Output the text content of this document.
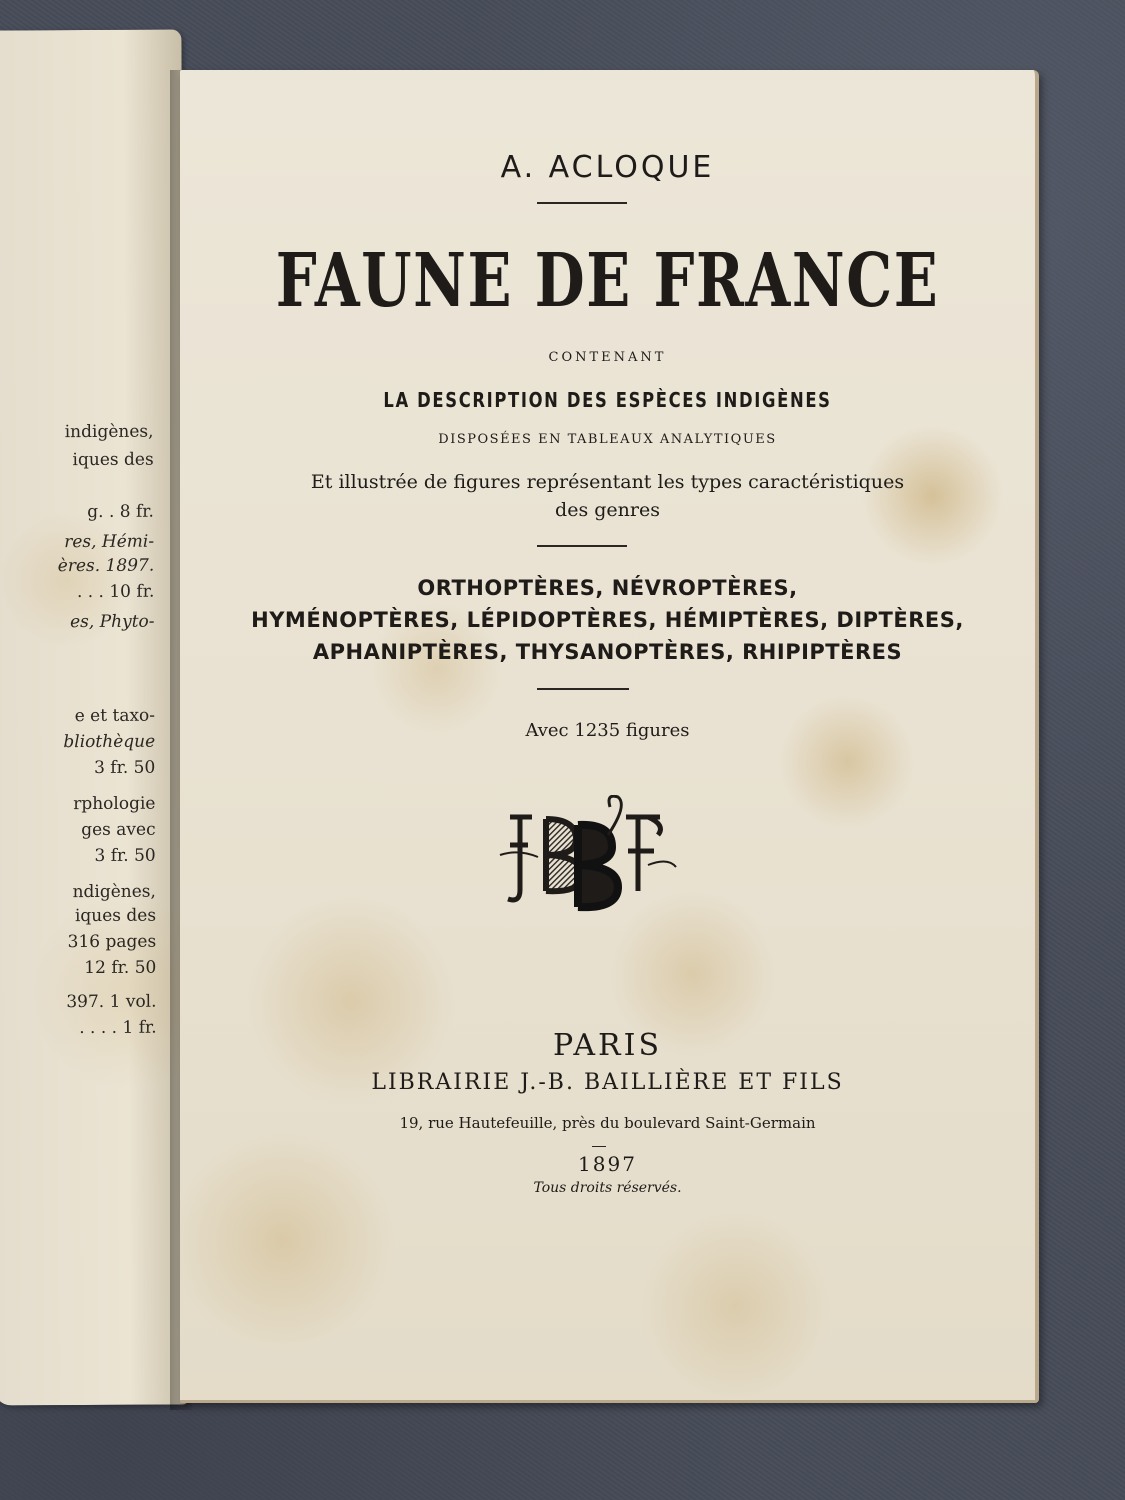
indigènes,
iques des
g. . 8 fr.
res, Hémi-
ères. 1897.
. . . 10 fr.
es, Phyto-
e et taxo-
bliothèque
3 fr. 50
rphologie
ges avec
3 fr. 50
ndigènes,
iques des
316 pages
12 fr. 50
397. 1 vol.
. . . . 1 fr.
A. ACLOQUE
FAUNE DE FRANCE
CONTENANT
LA DESCRIPTION DES ESPÈCES INDIGÈNES
DISPOSÉES EN TABLEAUX ANALYTIQUES
Et illustrée de figures représentant les types caractéristiques
des genres
ORTHOPTÈRES, NÉVROPTÈRES,
HYMÉNOPTÈRES, LÉPIDOPTÈRES, HÉMIPTÈRES, DIPTÈRES,
APHANIPTÈRES, THYSANOPTÈRES, RHIPIPTÈRES
Avec 1235 figures
PARIS
LIBRAIRIE J.-B. BAILLIÈRE ET FILS
19, rue Hautefeuille, près du boulevard Saint-Germain
1897
Tous droits réservés.
